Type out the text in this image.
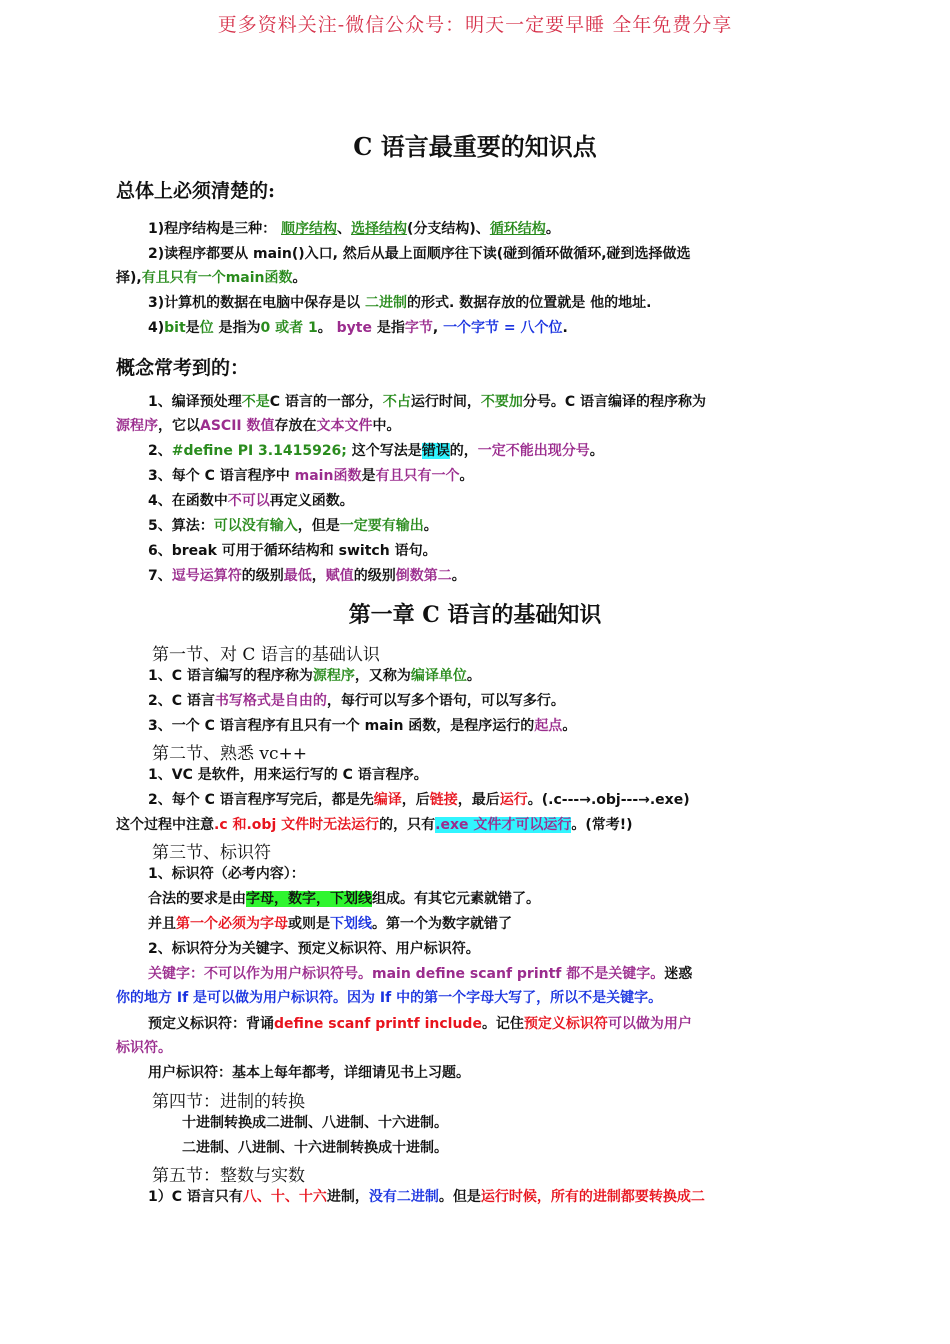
更多资料关注-微信公众号：明天一定要早睡 全年免费分享
C 语言最重要的知识点
总体上必须清楚的:
1)程序结构是三种： 顺序结构、选择结构(分支结构)、循环结构。
2)读程序都要从 main()入口, 然后从最上面顺序往下读(碰到循环做循环,碰到选择做选
择),有且只有一个main函数。
3)计算机的数据在电脑中保存是以 二进制的形式. 数据存放的位置就是 他的地址.
4)bit是位 是指为0 或者 1。 byte 是指字节, 一个字节 = 八个位.
概念常考到的：
1、编译预处理不是C 语言的一部分，不占运行时间，不要加分号。C 语言编译的程序称为
源程序，它以ASCII 数值存放在文本文件中。
2、#define PI 3.1415926; 这个写法是错误的，一定不能出现分号。
3、每个 C 语言程序中 main函数是有且只有一个。
4、在函数中不可以再定义函数。
5、算法：可以没有输入，但是一定要有输出。
6、break 可用于循环结构和 switch 语句。
7、逗号运算符的级别最低，赋值的级别倒数第二。
第一章 C 语言的基础知识
第一节、对 C 语言的基础认识
1、C 语言编写的程序称为源程序，又称为编译单位。
2、C 语言书写格式是自由的，每行可以写多个语句，可以写多行。
3、一个 C 语言程序有且只有一个 main 函数，是程序运行的起点。
第二节、熟悉 vc++
1、VC 是软件，用来运行写的 C 语言程序。
2、每个 C 语言程序写完后，都是先编译，后链接，最后运行。(.c---→.obj---→.exe)
这个过程中注意.c 和.obj 文件时无法运行的，只有.exe 文件才可以运行。(常考!)
第三节、标识符
1、标识符（必考内容）：
合法的要求是由字母，数字，下划线组成。有其它元素就错了。
并且第一个必须为字母或则是下划线。第一个为数字就错了
2、标识符分为关键字、预定义标识符、用户标识符。
关键字：不可以作为用户标识符号。main define scanf printf 都不是关键字。迷惑
你的地方 If 是可以做为用户标识符。因为 If 中的第一个字母大写了，所以不是关键字。
预定义标识符：背诵define scanf printf include。记住预定义标识符可以做为用户
标识符。
用户标识符：基本上每年都考，详细请见书上习题。
第四节：进制的转换
十进制转换成二进制、八进制、十六进制。
二进制、八进制、十六进制转换成十进制。
第五节：整数与实数
1）C 语言只有八、十、十六进制，没有二进制。但是运行时候，所有的进制都要转换成二
